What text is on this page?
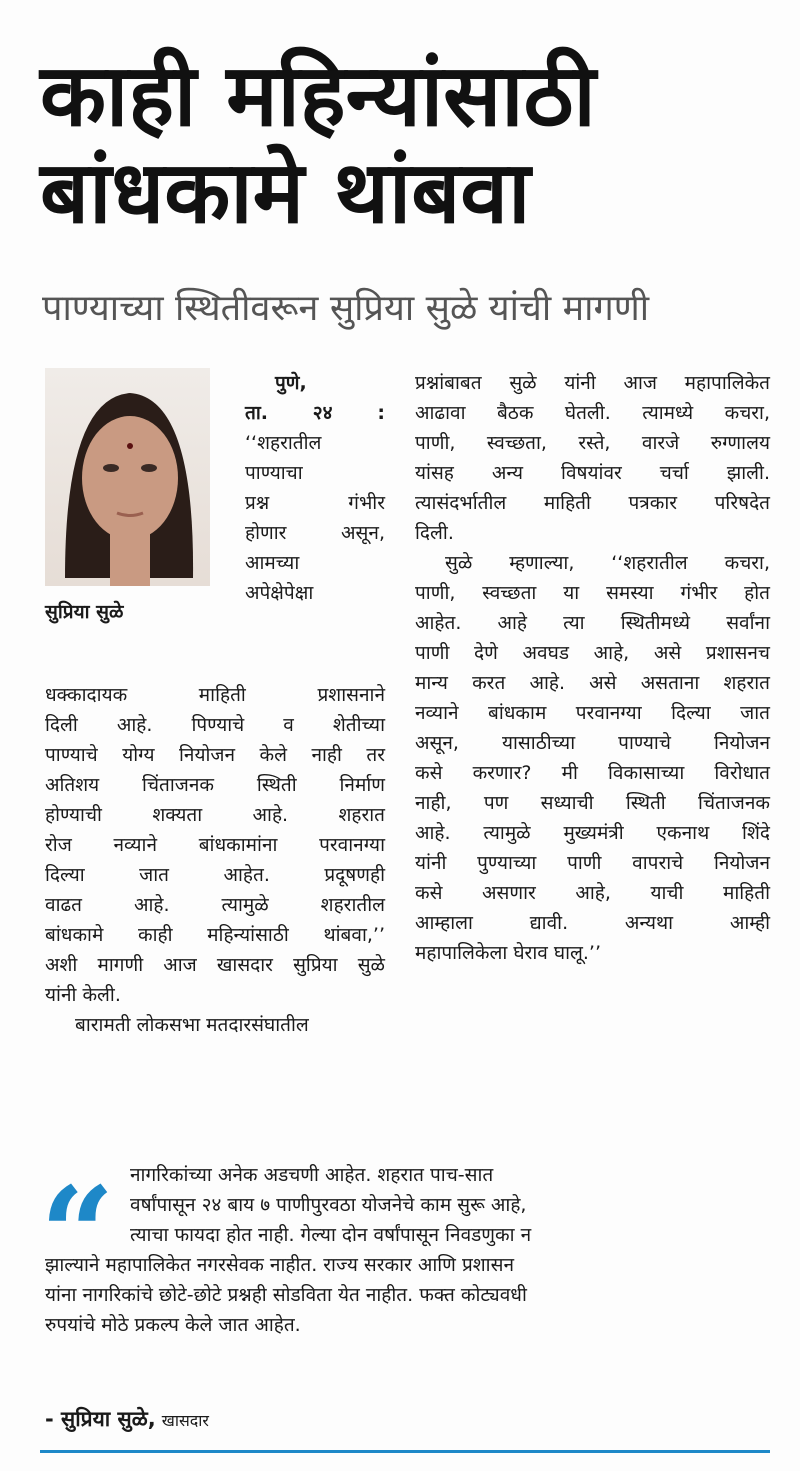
काही महिन्यांसाठी
बांधकामे थांबवा
पाण्याच्या स्थितीवरून सुप्रिया सुळे यांची मागणी
सुप्रिया सुळे
पुणे,
ता. २४ :
‘‘शहरातील
पाण्याचा
प्रश्न गंभीर
होणार असून,
आमच्या
अपेक्षेपेक्षा
धक्कादायक माहिती प्रशासनाने
दिली आहे. पिण्याचे व शेतीच्या
पाण्याचे योग्य नियोजन केले नाही तर
अतिशय चिंताजनक स्थिती निर्माण
होण्याची शक्यता आहे. शहरात
रोज नव्याने बांधकामांना परवानग्या
दिल्या जात आहेत. प्रदूषणही
वाढत आहे. त्यामुळे शहरातील
बांधकामे काही महिन्यांसाठी थांबवा,’’
अशी मागणी आज खासदार सुप्रिया सुळे
यांनी केली.
बारामती लोकसभा मतदारसंघातील
प्रश्नांबाबत सुळे यांनी आज महापालिकेत
आढावा बैठक घेतली. त्यामध्ये कचरा,
पाणी, स्वच्छता, रस्ते, वारजे रुग्णालय
यांसह अन्य विषयांवर चर्चा झाली.
त्यासंदर्भातील माहिती पत्रकार परिषदेत
दिली.
सुळे म्हणाल्या, ‘‘शहरातील कचरा,
पाणी, स्वच्छता या समस्या गंभीर होत
आहेत. आहे त्या स्थितीमध्ये सर्वांना
पाणी देणे अवघड आहे, असे प्रशासनच
मान्य करत आहे. असे असताना शहरात
नव्याने बांधकाम परवानग्या दिल्या जात
असून, यासाठीच्या पाण्याचे नियोजन
कसे करणार? मी विकासाच्या विरोधात
नाही, पण सध्याची स्थिती चिंताजनक
आहे. त्यामुळे मुख्यमंत्री एकनाथ शिंदे
यांनी पुण्याच्या पाणी वापराचे नियोजन
कसे असणार आहे, याची माहिती
आम्हाला द्यावी. अन्यथा आम्ही
महापालिकेला घेराव घालू.’’
“ नागरिकांच्या अनेक अडचणी आहेत. शहरात पाच-सात
वर्षांपासून २४ बाय ७ पाणीपुरवठा योजनेचे काम सुरू आहे,
त्याचा फायदा होत नाही. गेल्या दोन वर्षांपासून निवडणुका न
झाल्याने महापालिकेत नगरसेवक नाहीत. राज्य सरकार आणि प्रशासन
यांना नागरिकांचे छोटे-छोटे प्रश्नही सोडविता येत नाहीत. फक्त कोट्यवधी
रुपयांचे मोठे प्रकल्प केले जात आहेत.
- सुप्रिया सुळे, खासदार
